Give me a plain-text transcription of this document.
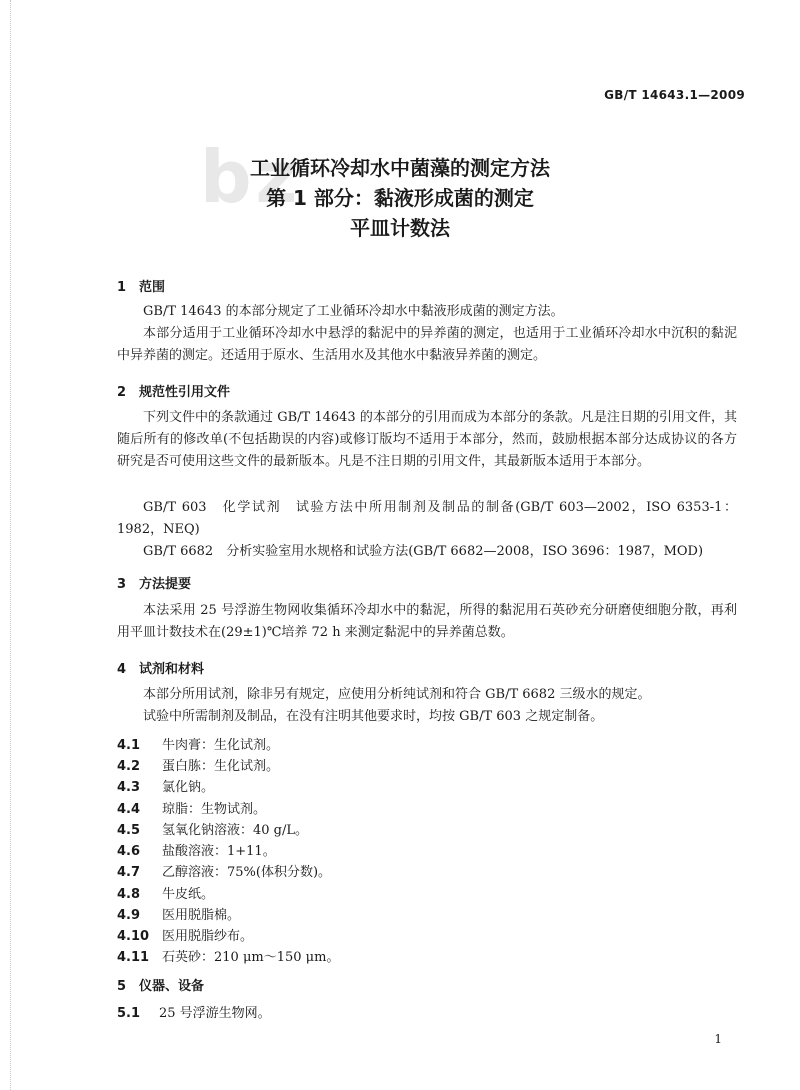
GB/T 14643.1—2009
bz
工业循环冷却水中菌藻的测定方法
第 1 部分：黏液形成菌的测定
平皿计数法
1 范围
GB/T 14643 的本部分规定了工业循环冷却水中黏液形成菌的测定方法。
本部分适用于工业循环冷却水中悬浮的黏泥中的异养菌的测定，也适用于工业循环冷却水中沉积的黏泥中异养菌的测定。还适用于原水、生活用水及其他水中黏液异养菌的测定。
2 规范性引用文件
下列文件中的条款通过 GB/T 14643 的本部分的引用而成为本部分的条款。凡是注日期的引用文件，其随后所有的修改单(不包括勘误的内容)或修订版均不适用于本部分，然而，鼓励根据本部分达成协议的各方研究是否可使用这些文件的最新版本。凡是不注日期的引用文件，其最新版本适用于本部分。
GB/T 603　化学试剂　试验方法中所用制剂及制品的制备(GB/T 603—2002，ISO 6353-1：1982，NEQ)
GB/T 6682　分析实验室用水规格和试验方法(GB/T 6682—2008，ISO 3696：1987，MOD)
3 方法提要
本法采用 25 号浮游生物网收集循环冷却水中的黏泥，所得的黏泥用石英砂充分研磨使细胞分散，再利用平皿计数技术在(29±1)℃培养 72 h 来测定黏泥中的异养菌总数。
4 试剂和材料
本部分所用试剂，除非另有规定，应使用分析纯试剂和符合 GB/T 6682 三级水的规定。
试验中所需制剂及制品，在没有注明其他要求时，均按 GB/T 603 之规定制备。
4.1 牛肉膏：生化试剂。
4.2 蛋白胨：生化试剂。
4.3 氯化钠。
4.4 琼脂：生物试剂。
4.5 氢氧化钠溶液：40 g/L。
4.6 盐酸溶液：1+11。
4.7 乙醇溶液：75%(体积分数)。
4.8 牛皮纸。
4.9 医用脱脂棉。
4.10 医用脱脂纱布。
4.11 石英砂：210 μm～150 μm。
5 仪器、设备
5.1 25 号浮游生物网。
1
